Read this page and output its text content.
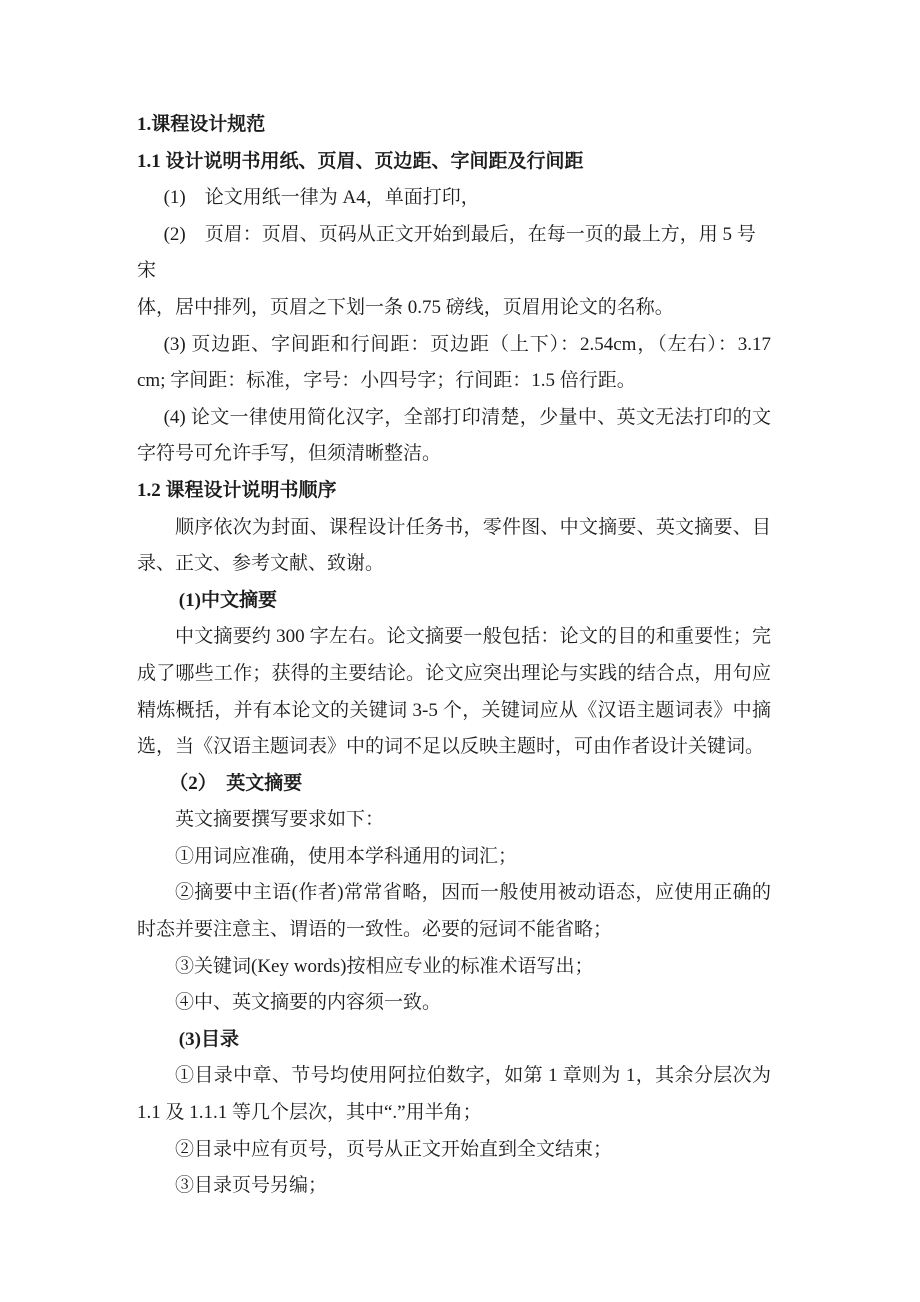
1.课程设计规范

1.1 设计说明书用纸、页眉、页边距、字间距及行间距

(1)　论文用纸一律为 A4，单面打印，

(2)　页眉：页眉、页码从正文开始到最后，在每一页的最上方，用 5 号宋

体，居中排列，页眉之下划一条 0.75 磅线，页眉用论文的名称。

(3) 页边距、字间距和行间距：页边距（上下）：2.54cm，（左右）：3.17

cm; 字间距：标准，字号：小四号字；行间距：1.5 倍行距。

(4) 论文一律使用简化汉字，全部打印清楚，少量中、英文无法打印的文

字符号可允许手写，但须清晰整洁。

1.2 课程设计说明书顺序

顺序依次为封面、课程设计任务书，零件图、中文摘要、英文摘要、目

录、正文、参考文献、致谢。

(1)中文摘要

中文摘要约 300 字左右。论文摘要一般包括：论文的目的和重要性；完

成了哪些工作；获得的主要结论。论文应突出理论与实践的结合点，用句应

精炼概括，并有本论文的关键词 3-5 个，关键词应从《汉语主题词表》中摘

选，当《汉语主题词表》中的词不足以反映主题时，可由作者设计关键词。

（2）　英文摘要

英文摘要撰写要求如下：

①用词应准确，使用本学科通用的词汇；

②摘要中主语(作者)常常省略，因而一般使用被动语态，应使用正确的

时态并要注意主、谓语的一致性。必要的冠词不能省略；

③关键词(Key words)按相应专业的标准术语写出；

④中、英文摘要的内容须一致。

(3)目录

①目录中章、节号均使用阿拉伯数字，如第 1 章则为 1，其余分层次为

1.1 及 1.1.1 等几个层次，其中“.”用半角；

②目录中应有页号，页号从正文开始直到全文结束；

③目录页号另编；
